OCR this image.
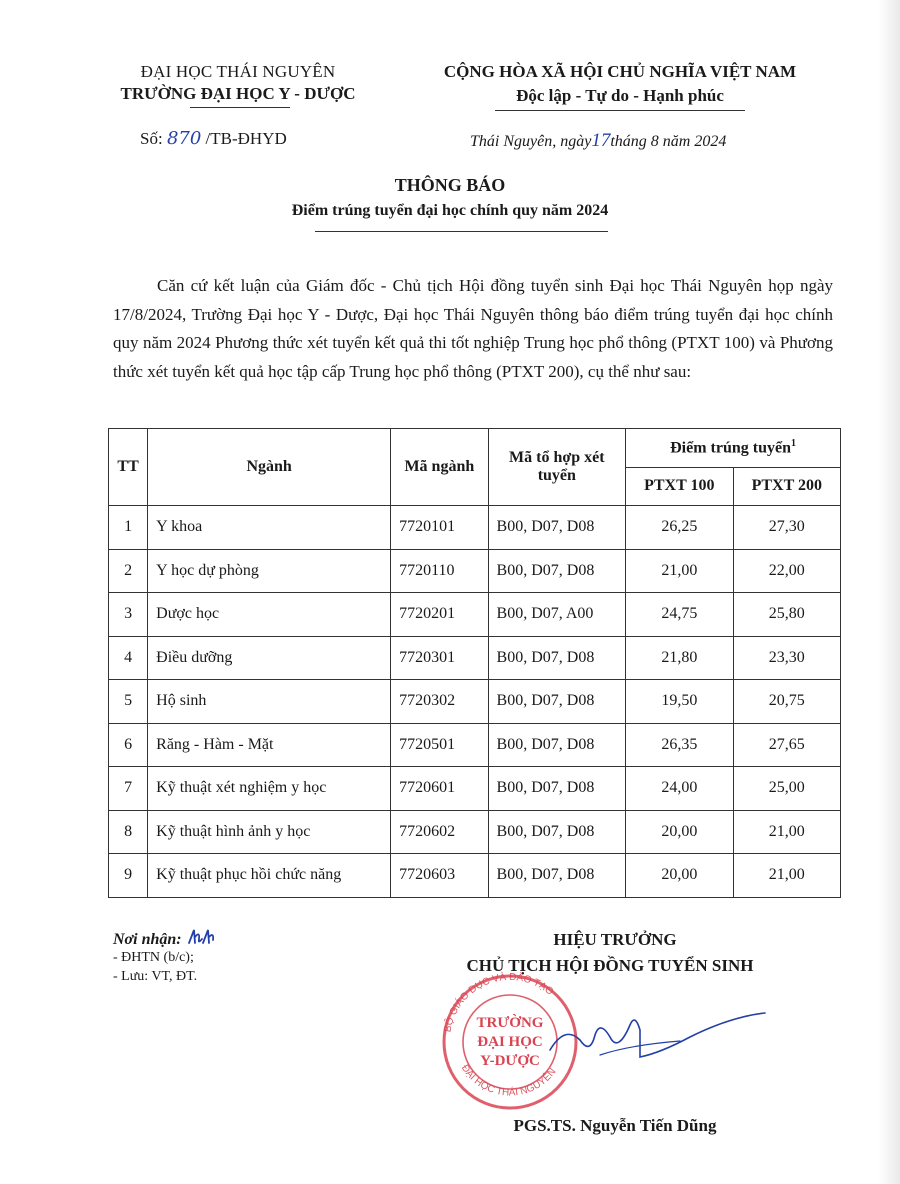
ĐẠI HỌC THÁI NGUYÊN
TRƯỜNG ĐẠI HỌC Y - DƯỢC
CỘNG HÒA XÃ HỘI CHỦ NGHĨA VIỆT NAM
Độc lập - Tự do - Hạnh phúc
Số: 870 /TB-ĐHYD	Thái Nguyên, ngày17tháng 8 năm 2024
THÔNG BÁO
Điểm trúng tuyển đại học chính quy năm 2024
Căn cứ kết luận của Giám đốc - Chủ tịch Hội đồng tuyển sinh Đại học Thái Nguyên họp ngày 17/8/2024, Trường Đại học Y - Dược, Đại học Thái Nguyên thông báo điểm trúng tuyển đại học chính quy năm 2024 Phương thức xét tuyển kết quả thi tốt nghiệp Trung học phổ thông (PTXT 100) và Phương thức xét tuyển kết quả học tập cấp Trung học phổ thông (PTXT 200), cụ thể như sau:
TT	Ngành	Mã ngành	Mã tổ hợp xét tuyển	Điểm trúng tuyển$^1$
				PTXT 100	PTXT 200
1	Y khoa	7720101	B00, D07, D08	26,25	27,30
2	Y học dự phòng	7720110	B00, D07, D08	21,00	22,00
3	Dược học	7720201	B00, D07, A00	24,75	25,80
4	Điều dưỡng	7720301	B00, D07, D08	21,80	23,30
5	Hộ sinh	7720302	B00, D07, D08	19,50	20,75
6	Răng - Hàm - Mặt	7720501	B00, D07, D08	26,35	27,65
7	Kỹ thuật xét nghiệm y học	7720601	B00, D07, D08	24,00	25,00
8	Kỹ thuật hình ảnh y học	7720602	B00, D07, D08	20,00	21,00
9	Kỹ thuật phục hồi chức năng	7720603	B00, D07, D08	20,00	21,00
Nơi nhận:
- ĐHTN (b/c);
- Lưu: VT, ĐT.
HIỆU TRƯỞNG
CHỦ TỊCH HỘI ĐỒNG TUYỂN SINH
BỘ GIÁO DỤC VÀ ĐÀO TẠO
ĐẠI HỌC THÁI NGUYÊN
TRƯỜNG
ĐẠI HỌC
Y-DƯỢC
PGS.TS. Nguyễn Tiến Dũng
